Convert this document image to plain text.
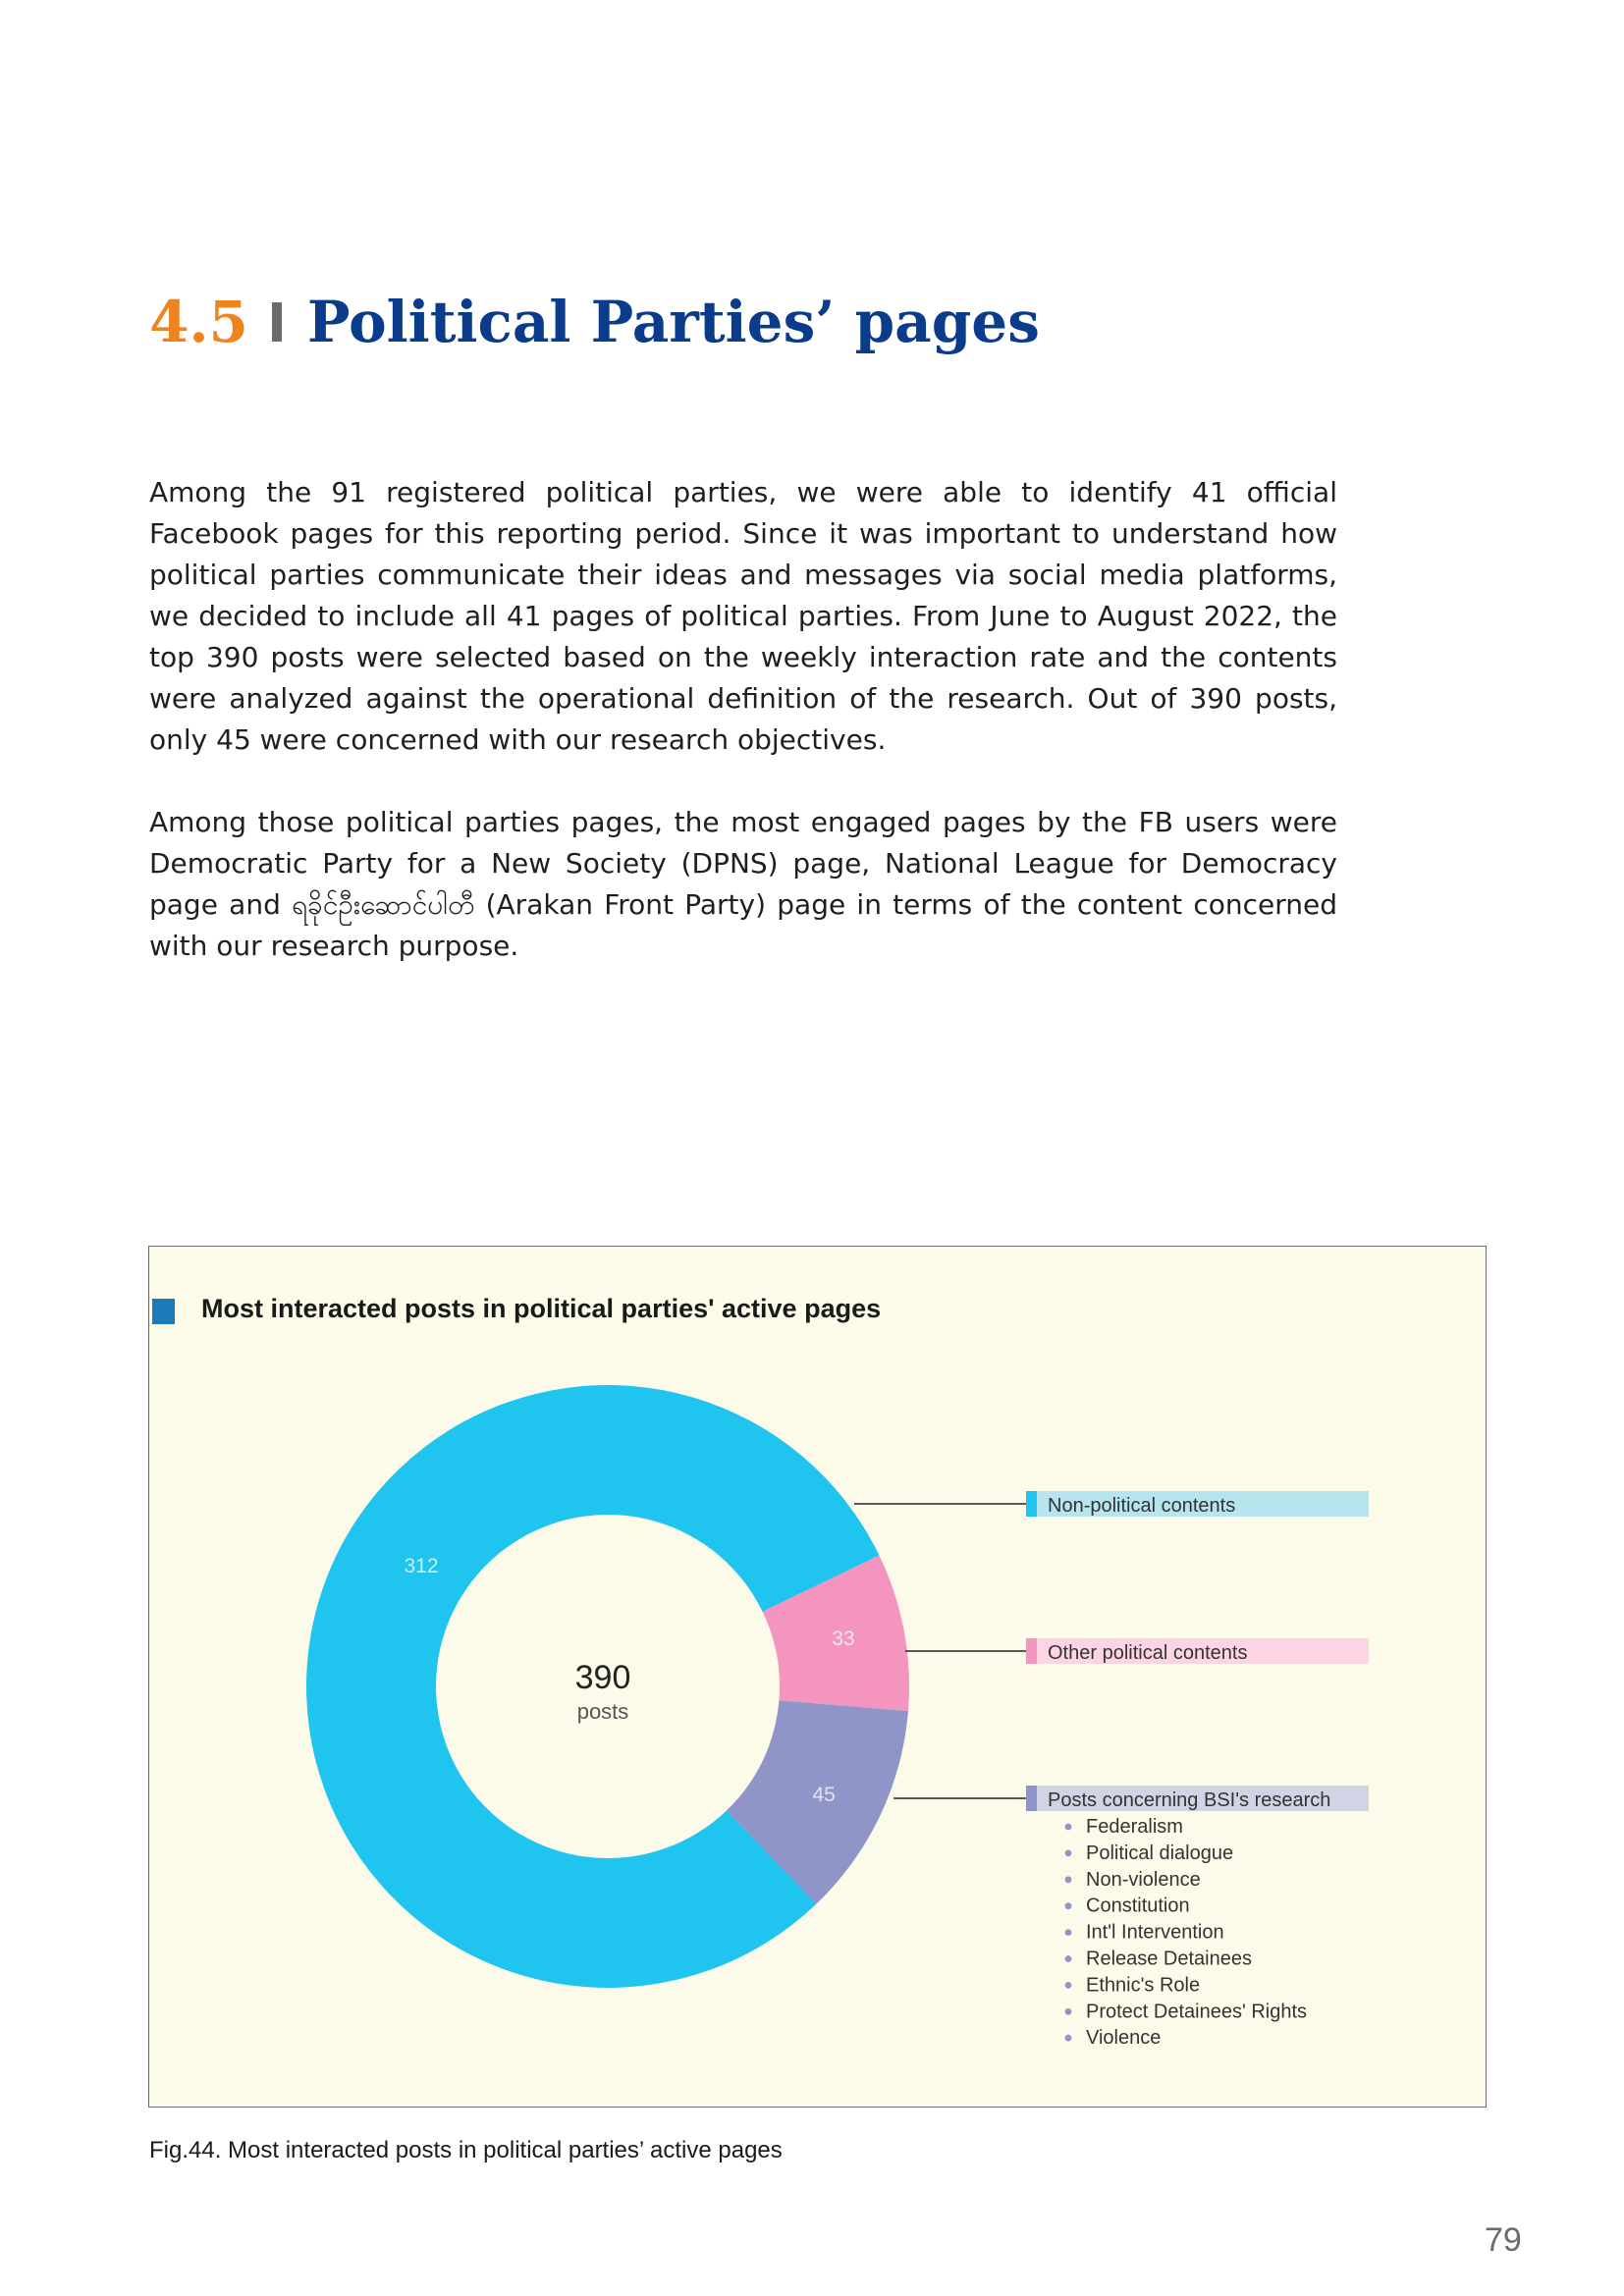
4.5 Political Parties’ pages

Among the 91 registered political parties, we were able to identify 41 official Facebook pages for this reporting period. Since it was important to understand how political parties communicate their ideas and messages via social media platforms, we decided to include all 41 pages of political parties. From June to August 2022, the top 390 posts were selected based on the weekly interaction rate and the contents were analyzed against the operational definition of the research. Out of 390 posts, only 45 were concerned with our research objectives.

Among those political parties pages, the most engaged pages by the FB users were Democratic Party for a New Society (DPNS) page, National League for Democracy page and ရခိုင်ဦးဆောင်ပါတီ (Arakan Front Party) page in terms of the content concerned with our research purpose.

Most interacted posts in political parties' active pages
312
33
45
390
posts
Non-political contents
Other political contents
Posts concerning BSI's research
Federalism
Political dialogue
Non-violence
Constitution
Int'l Intervention
Release Detainees
Ethnic's Role
Protect Detainees' Rights
Violence
Fig.44. Most interacted posts in political parties’ active pages
79
